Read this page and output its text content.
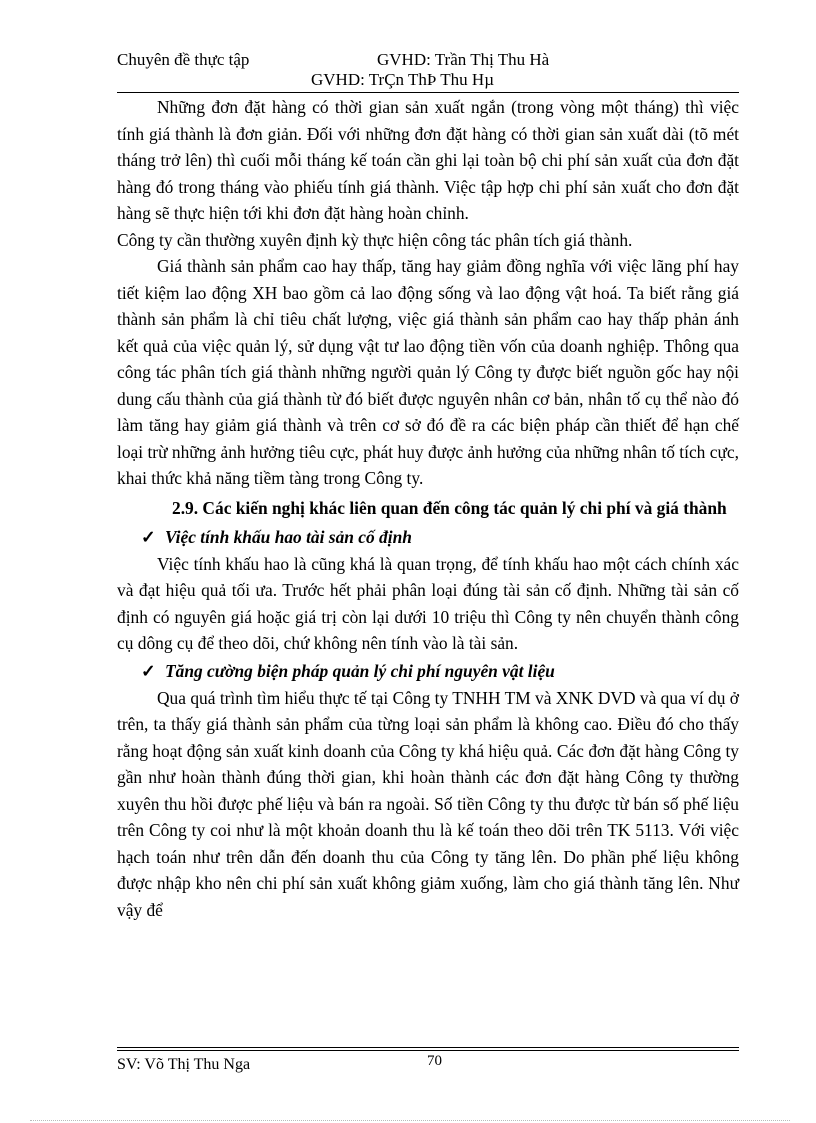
Chuyên đề thực tập	GVHD: Trần Thị Thu Hà
GVHD: TrÇn ThÞ Thu Hµ

Những đơn đặt hàng có thời gian sản xuất ngắn (trong vòng một tháng) thì việc tính giá thành là đơn giản. Đối với những đơn đặt hàng có thời gian sản xuất dài (tõ mét tháng trở lên) thì cuối mỗi tháng kế toán cần ghi lại toàn bộ chi phí sản xuất của đơn đặt hàng đó trong tháng vào phiếu tính giá thành. Việc tập hợp chi phí sản xuất cho đơn đặt hàng sẽ thực hiện tới khi đơn đặt hàng hoàn chỉnh.

Công ty cần thường xuyên định kỳ thực hiện công tác phân tích giá thành.

Giá thành sản phẩm cao hay thấp, tăng hay giảm đồng nghĩa với việc lãng phí hay tiết kiệm lao động XH bao gồm cả lao động sống và lao động vật hoá. Ta biết rằng giá thành sản phẩm là chỉ tiêu chất lượng, việc giá thành sản phẩm cao hay thấp phản ánh kết quả của việc quản lý, sử dụng vật tư lao động tiền vốn của doanh nghiệp. Thông qua công tác phân tích giá thành những người quản lý Công ty được biết nguồn gốc hay nội dung cấu thành của giá thành từ đó biết được nguyên nhân cơ bản, nhân tố cụ thể nào đó làm tăng hay giảm giá thành và trên cơ sở đó đề ra các biện pháp cần thiết để hạn chế loại trừ những ảnh hưởng tiêu cực, phát huy được ảnh hưởng của những nhân tố tích cực, khai thức khả năng tiềm tàng trong Công ty.

2.9. Các kiến nghị khác liên quan đến công tác quản lý chi phí và giá thành

✓ Việc tính khấu hao tài sản cố định

Việc tính khấu hao là cũng khá là quan trọng, để tính khấu hao một cách chính xác và đạt hiệu quả tối ưa. Trước hết phải phân loại đúng tài sản cố định. Những tài sản cố định có nguyên giá hoặc giá trị còn lại dưới 10 triệu thì Công ty nên chuyển thành công cụ dông cụ để theo dõi, chứ không nên tính vào là tài sản.

✓ Tăng cường biện pháp quản lý chi phí nguyên vật liệu

Qua quá trình tìm hiểu thực tế tại Công ty TNHH TM và XNK DVD và qua ví dụ ở trên, ta thấy giá thành sản phẩm của từng loại sản phẩm là không cao. Điều đó cho thấy rằng hoạt động sản xuất kinh doanh của Công ty khá hiệu quả. Các đơn đặt hàng Công ty gần như hoàn thành đúng thời gian, khi hoàn thành các đơn đặt hàng Công ty thường xuyên thu hồi được phế liệu và bán ra ngoài. Số tiền Công ty thu được từ bán số phế liệu trên Công ty coi như là một khoản doanh thu là kế toán theo dõi trên TK 5113. Với việc hạch toán như trên dẫn đến doanh thu của Công ty tăng lên. Do phần phế liệu không được nhập kho nên chi phí sản xuất không giảm xuống, làm cho giá thành tăng lên. Như vậy để

SV: Võ Thị Thu Nga	70
